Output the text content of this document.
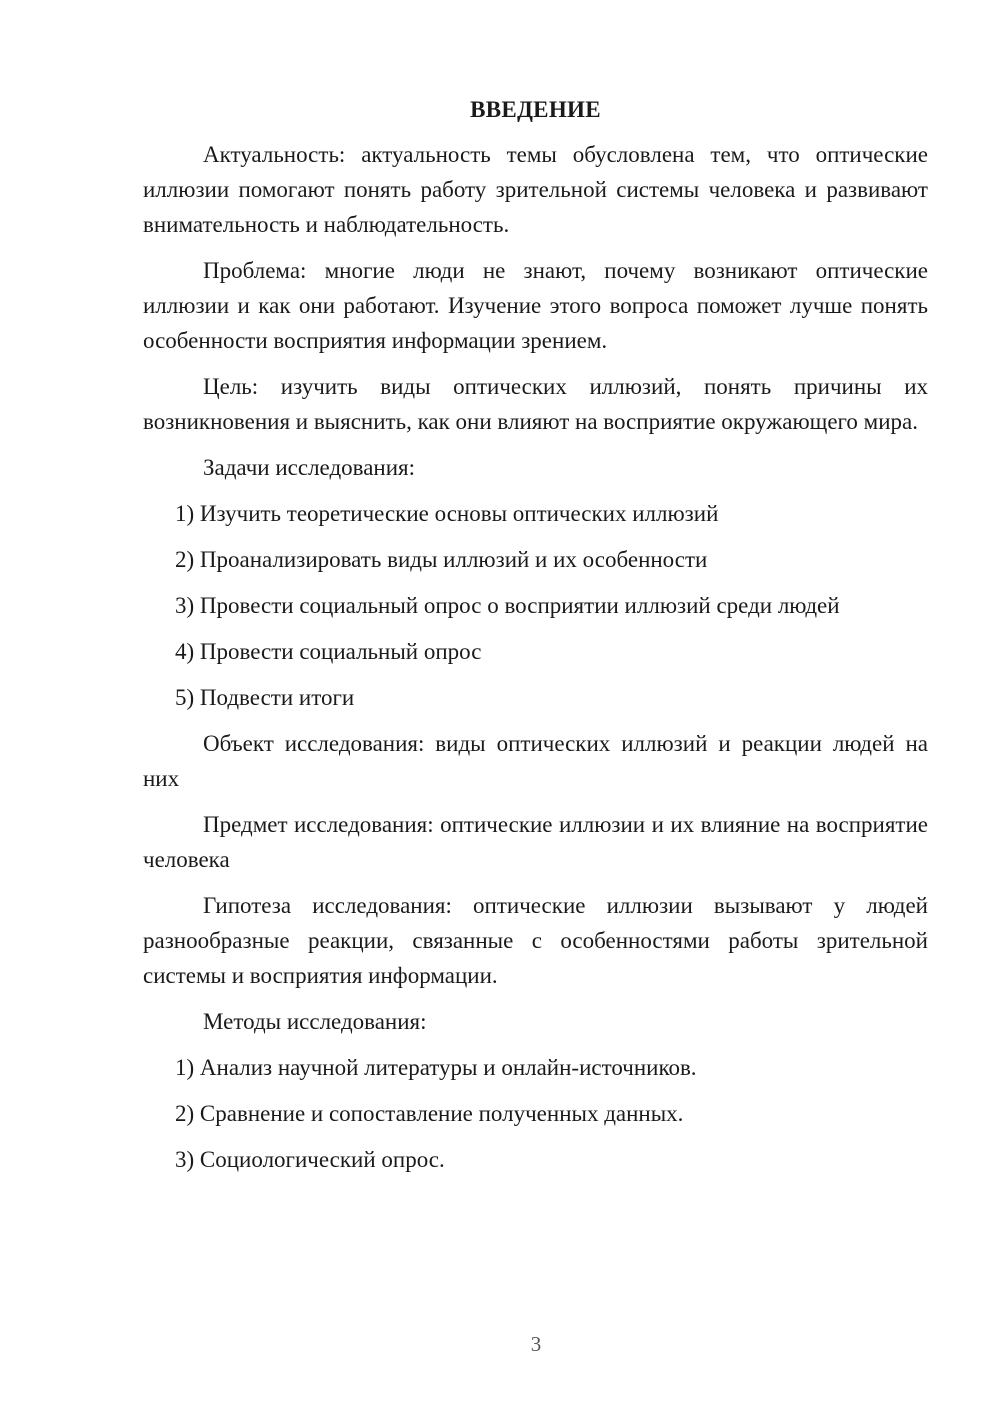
ВВЕДЕНИЕ

Актуальность: актуальность темы обусловлена тем, что оптические иллюзии помогают понять работу зрительной системы человека и развивают внимательность и наблюдательность.

Проблема: многие люди не знают, почему возникают оптические иллюзии и как они работают. Изучение этого вопроса поможет лучше понять особенности восприятия информации зрением.

Цель: изучить виды оптических иллюзий, понять причины их возникновения и выяснить, как они влияют на восприятие окружающего мира.

Задачи исследования:

1) Изучить теоретические основы оптических иллюзий
2) Проанализировать виды иллюзий и их особенности
3) Провести социальный опрос о восприятии иллюзий среди людей
4) Провести социальный опрос
5) Подвести итоги

Объект исследования: виды оптических иллюзий и реакции людей на них

Предмет исследования: оптические иллюзии и их влияние на восприятие человека

Гипотеза исследования: оптические иллюзии вызывают у людей разнообразные реакции, связанные с особенностями работы зрительной системы и восприятия информации.

Методы исследования:

1) Анализ научной литературы и онлайн-источников.
2) Сравнение и сопоставление полученных данных.
3) Социологический опрос.
3
